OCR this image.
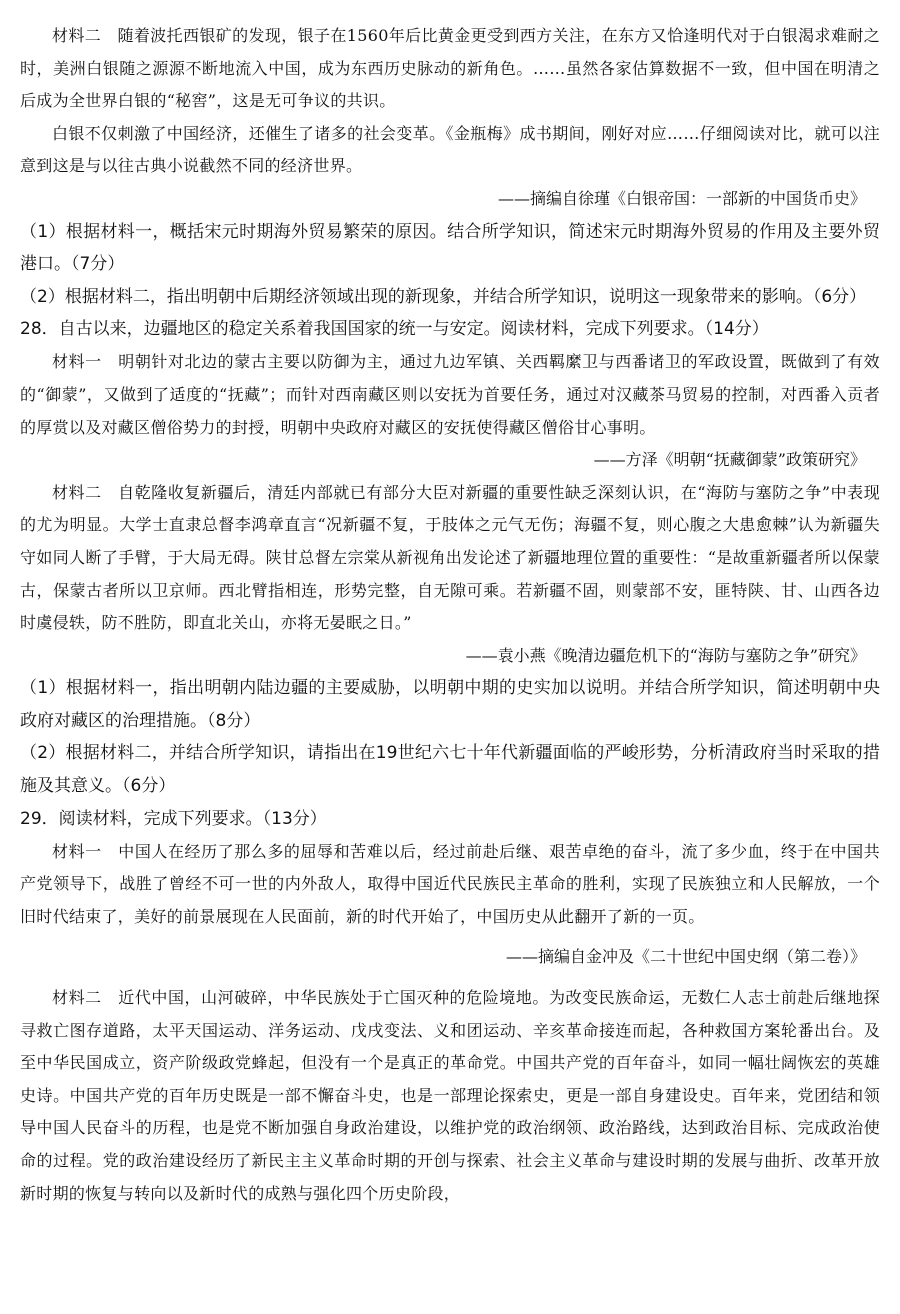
材料二　随着波托西银矿的发现，银子在1560年后比黄金更受到西方关注，在东方又恰逢明代对于白银渴求难耐之时，美洲白银随之源源不断地流入中国，成为东西历史脉动的新角色。……虽然各家估算数据不一致，但中国在明清之后成为全世界白银的“秘窖”，这是无可争议的共识。

白银不仅刺激了中国经济，还催生了诸多的社会变革。《金瓶梅》成书期间，刚好对应……仔细阅读对比，就可以注意到这是与以往古典小说截然不同的经济世界。

——摘编自徐瑾《白银帝国：一部新的中国货币史》

（1）根据材料一，概括宋元时期海外贸易繁荣的原因。结合所学知识，简述宋元时期海外贸易的作用及主要外贸港口。（7分）

（2）根据材料二，指出明朝中后期经济领域出现的新现象，并结合所学知识，说明这一现象带来的影响。（6分）

28．自古以来，边疆地区的稳定关系着我国国家的统一与安定。阅读材料，完成下列要求。（14分）

材料一　明朝针对北边的蒙古主要以防御为主，通过九边军镇、关西羁縻卫与西番诸卫的军政设置，既做到了有效的“御蒙”，又做到了适度的“抚藏”；而针对西南藏区则以安抚为首要任务，通过对汉藏茶马贸易的控制，对西番入贡者的厚赏以及对藏区僧俗势力的封授，明朝中央政府对藏区的安抚使得藏区僧俗甘心事明。

——方泽《明朝“抚藏御蒙”政策研究》

材料二　自乾隆收复新疆后，清廷内部就已有部分大臣对新疆的重要性缺乏深刻认识，在“海防与塞防之争”中表现的尤为明显。大学士直隶总督李鸿章直言“况新疆不复，于肢体之元气无伤；海疆不复，则心腹之大患愈棘”认为新疆失守如同人断了手臂，于大局无碍。陕甘总督左宗棠从新视角出发论述了新疆地理位置的重要性：“是故重新疆者所以保蒙古，保蒙古者所以卫京师。西北臂指相连，形势完整，自无隙可乘。若新疆不固，则蒙部不安，匪特陕、甘、山西各边时虞侵轶，防不胜防，即直北关山，亦将无晏眠之日。”

——袁小燕《晚清边疆危机下的“海防与塞防之争”研究》

（1）根据材料一，指出明朝内陆边疆的主要威胁，以明朝中期的史实加以说明。并结合所学知识，简述明朝中央政府对藏区的治理措施。（8分）

（2）根据材料二，并结合所学知识，请指出在19世纪六七十年代新疆面临的严峻形势，分析清政府当时采取的措施及其意义。（6分）

29．阅读材料，完成下列要求。（13分）

材料一　中国人在经历了那么多的屈辱和苦难以后，经过前赴后继、艰苦卓绝的奋斗，流了多少血，终于在中国共产党领导下，战胜了曾经不可一世的内外敌人，取得中国近代民族民主革命的胜利，实现了民族独立和人民解放，一个旧时代结束了，美好的前景展现在人民面前，新的时代开始了，中国历史从此翻开了新的一页。

——摘编自金冲及《二十世纪中国史纲（第二卷）》

材料二　近代中国，山河破碎，中华民族处于亡国灭种的危险境地。为改变民族命运，无数仁人志士前赴后继地探寻救亡图存道路，太平天国运动、洋务运动、戊戌变法、义和团运动、辛亥革命接连而起，各种救国方案轮番出台。及至中华民国成立，资产阶级政党蜂起，但没有一个是真正的革命党。中国共产党的百年奋斗，如同一幅壮阔恢宏的英雄史诗。中国共产党的百年历史既是一部不懈奋斗史，也是一部理论探索史，更是一部自身建设史。百年来，党团结和领导中国人民奋斗的历程，也是党不断加强自身政治建设，以维护党的政治纲领、政治路线，达到政治目标、完成政治使命的过程。党的政治建设经历了新民主主义革命时期的开创与探索、社会主义革命与建设时期的发展与曲折、改革开放新时期的恢复与转向以及新时代的成熟与强化四个历史阶段，
